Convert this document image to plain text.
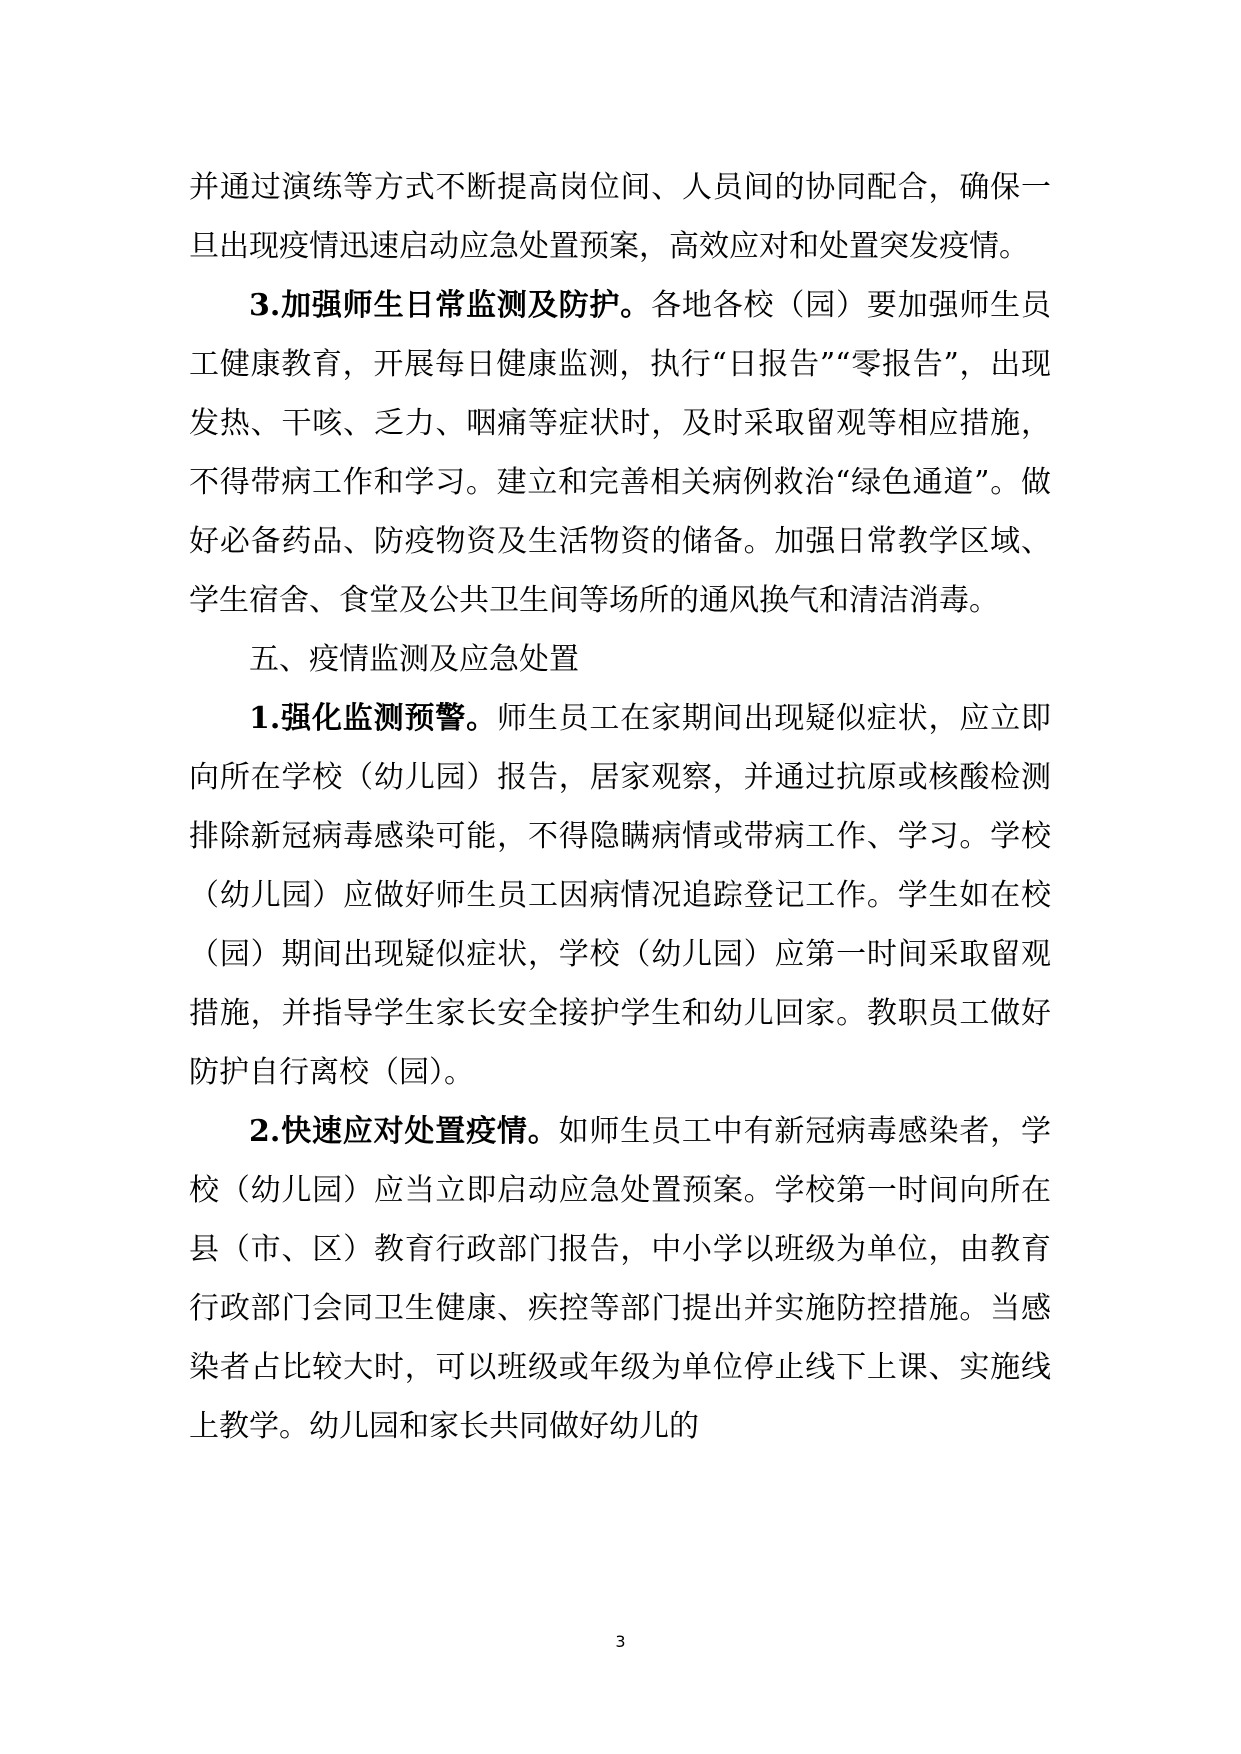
并通过演练等方式不断提高岗位间、人员间的协同配合，确保一旦出现疫情迅速启动应急处置预案，高效应对和处置突发疫情。

3.加强师生日常监测及防护。各地各校（园）要加强师生员工健康教育，开展每日健康监测，执行“日报告”“零报告”，出现发热、干咳、乏力、咽痛等症状时，及时采取留观等相应措施，不得带病工作和学习。建立和完善相关病例救治“绿色通道”。做好必备药品、防疫物资及生活物资的储备。加强日常教学区域、学生宿舍、食堂及公共卫生间等场所的通风换气和清洁消毒。

五、疫情监测及应急处置

1.强化监测预警。师生员工在家期间出现疑似症状，应立即向所在学校（幼儿园）报告，居家观察，并通过抗原或核酸检测排除新冠病毒感染可能，不得隐瞒病情或带病工作、学习。学校（幼儿园）应做好师生员工因病情况追踪登记工作。学生如在校（园）期间出现疑似症状，学校（幼儿园）应第一时间采取留观措施，并指导学生家长安全接护学生和幼儿回家。教职员工做好防护自行离校（园）。

2.快速应对处置疫情。如师生员工中有新冠病毒感染者，学校（幼儿园）应当立即启动应急处置预案。学校第一时间向所在县（市、区）教育行政部门报告，中小学以班级为单位，由教育行政部门会同卫生健康、疾控等部门提出并实施防控措施。当感染者占比较大时，可以班级或年级为单位停止线下上课、实施线上教学。幼儿园和家长共同做好幼儿的

3
